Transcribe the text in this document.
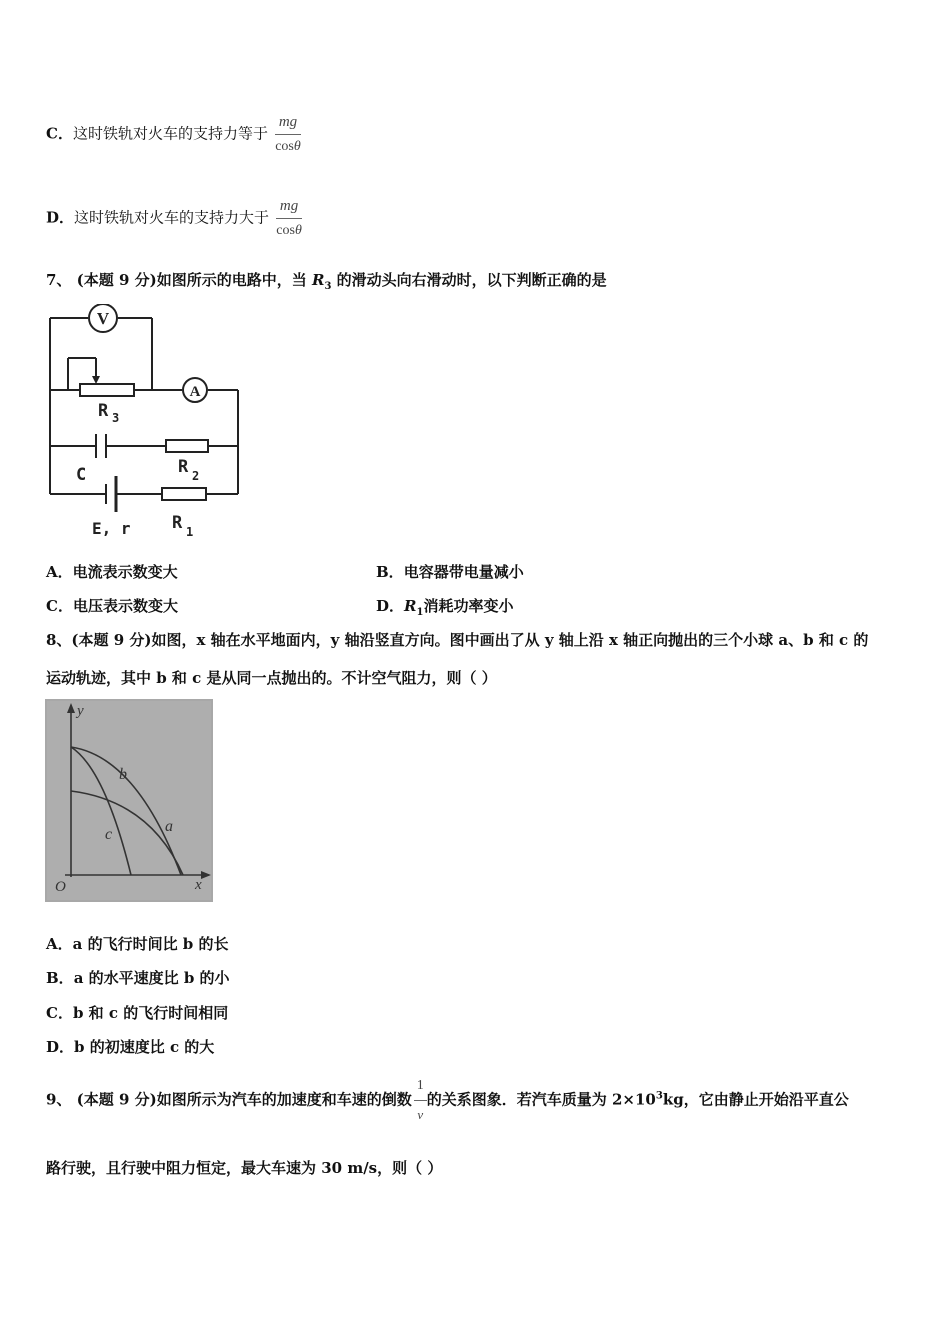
C．这时铁轨对火车的支持力等于 $\frac{mg}{\cos\theta}$
D．这时铁轨对火车的支持力大于 $\frac{mg}{\cos\theta}$
7、 (本题 9 分)如图所示的电路中，当 $R_3$ 的滑动头向右滑动时，以下判断正确的是
V
A
R 3
C	R 2
E, r R 1
A．电流表示数变大	B．电容器带电量减小
C．电压表示数变大	D．$R_1$消耗功率变小
8、(本题 9 分)如图，x 轴在水平地面内，y 轴沿竖直方向。图中画出了从 y 轴上沿 x 轴正向抛出的三个小球 a、b 和 c 的
运动轨迹，其中 b 和 c 是从同一点抛出的。不计空气阻力，则（ ）
y
x
O
b
c	a
A．a 的飞行时间比 b 的长
B．a 的水平速度比 b 的小
C．b 和 c 的飞行时间相同
D．b 的初速度比 c 的大
9、 (本题 9 分)如图所示为汽车的加速度和车速的倒数 $\frac{1}{v}$ 的关系图象．若汽车质量为 $2\times 10^3kg$，它由静止开始沿平直公
路行驶，且行驶中阻力恒定，最大车速为 30 m/s，则（ ）
